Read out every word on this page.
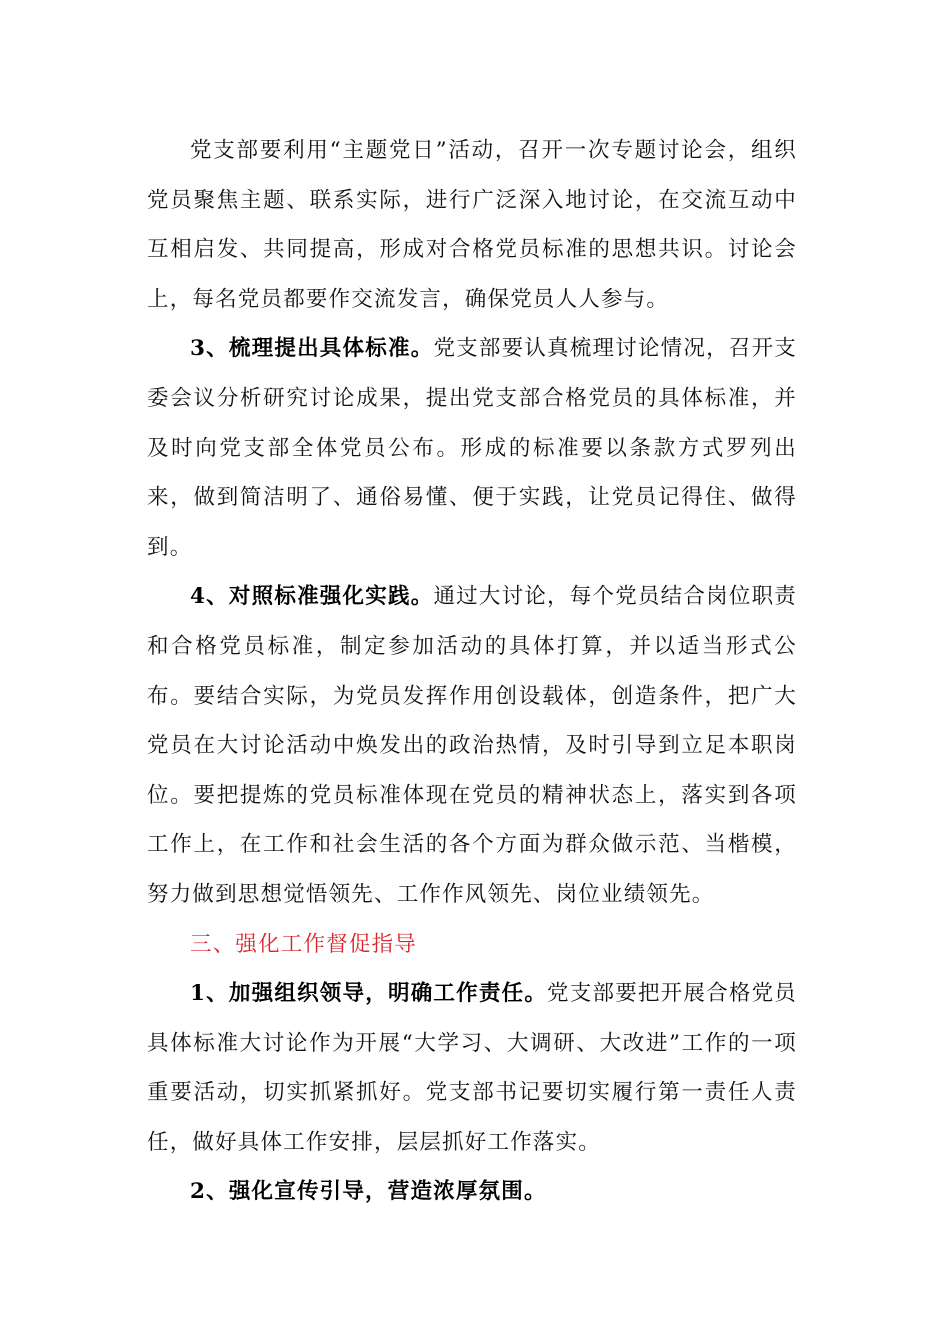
党支部要利用“主题党日”活动，召开一次专题讨论会，组织党员聚焦主题、联系实际，进行广泛深入地讨论，在交流互动中互相启发、共同提高，形成对合格党员标准的思想共识。讨论会上，每名党员都要作交流发言，确保党员人人参与。

3、梳理提出具体标准。党支部要认真梳理讨论情况，召开支委会议分析研究讨论成果，提出党支部合格党员的具体标准，并及时向党支部全体党员公布。形成的标准要以条款方式罗列出来，做到简洁明了、通俗易懂、便于实践，让党员记得住、做得到。

4、对照标准强化实践。通过大讨论，每个党员结合岗位职责和合格党员标准，制定参加活动的具体打算，并以适当形式公布。要结合实际，为党员发挥作用创设载体，创造条件，把广大党员在大讨论活动中焕发出的政治热情，及时引导到立足本职岗位。要把提炼的党员标准体现在党员的精神状态上，落实到各项工作上，在工作和社会生活的各个方面为群众做示范、当楷模，努力做到思想觉悟领先、工作作风领先、岗位业绩领先。

三、强化工作督促指导

1、加强组织领导，明确工作责任。党支部要把开展合格党员具体标准大讨论作为开展“大学习、大调研、大改进”工作的一项重要活动，切实抓紧抓好。党支部书记要切实履行第一责任人责任，做好具体工作安排，层层抓好工作落实。

2、强化宣传引导，营造浓厚氛围。
